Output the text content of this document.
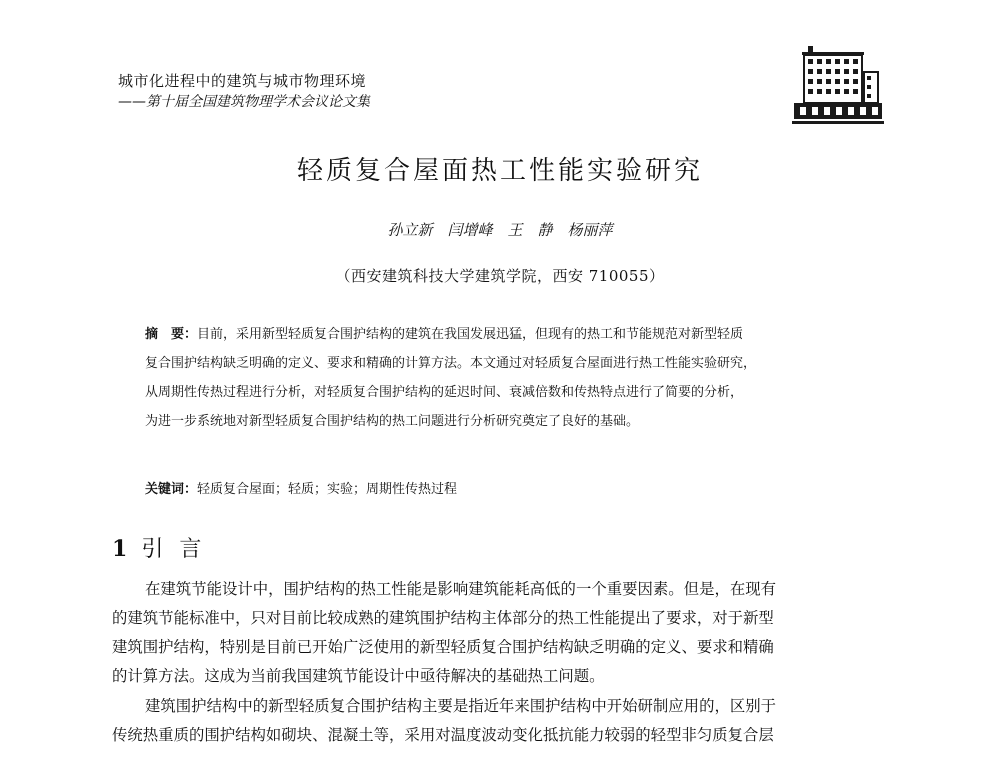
城市化进程中的建筑与城市物理环境
——第十届全国建筑物理学术会议论文集
轻质复合屋面热工性能实验研究
孙立新　闫增峰　王　静　杨丽萍
（西安建筑科技大学建筑学院，西安 710055）
摘　要：目前，采用新型轻质复合围护结构的建筑在我国发展迅猛，但现有的热工和节能规范对新型轻质
复合围护结构缺乏明确的定义、要求和精确的计算方法。本文通过对轻质复合屋面进行热工性能实验研究，
从周期性传热过程进行分析，对轻质复合围护结构的延迟时间、衰减倍数和传热特点进行了简要的分析，
为进一步系统地对新型轻质复合围护结构的热工问题进行分析研究奠定了良好的基础。
关键词：轻质复合屋面；轻质；实验；周期性传热过程
1 引言
在建筑节能设计中，围护结构的热工性能是影响建筑能耗高低的一个重要因素。但是，在现有
的建筑节能标准中，只对目前比较成熟的建筑围护结构主体部分的热工性能提出了要求，对于新型
建筑围护结构，特别是目前已开始广泛使用的新型轻质复合围护结构缺乏明确的定义、要求和精确
的计算方法。这成为当前我国建筑节能设计中亟待解决的基础热工问题。
建筑围护结构中的新型轻质复合围护结构主要是指近年来围护结构中开始研制应用的，区别于
传统热重质的围护结构如砌块、混凝土等，采用对温度波动变化抵抗能力较弱的轻型非匀质复合层
